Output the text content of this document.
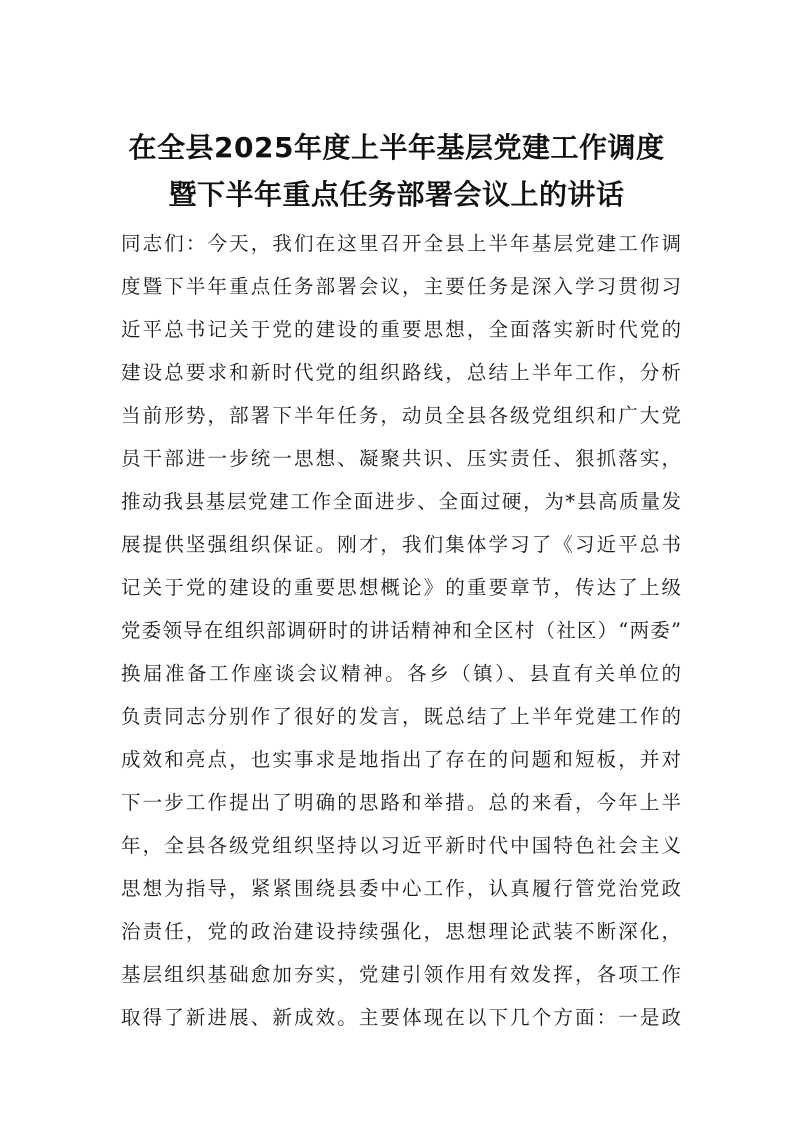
在全县2025年度上半年基层党建工作调度
暨下半年重点任务部署会议上的讲话
同志们：今天，我们在这里召开全县上半年基层党建工作调
度暨下半年重点任务部署会议，主要任务是深入学习贯彻习
近平总书记关于党的建设的重要思想，全面落实新时代党的
建设总要求和新时代党的组织路线，总结上半年工作，分析
当前形势，部署下半年任务，动员全县各级党组织和广大党
员干部进一步统一思想、凝聚共识、压实责任、狠抓落实，
推动我县基层党建工作全面进步、全面过硬，为*县高质量发
展提供坚强组织保证。刚才，我们集体学习了《习近平总书
记关于党的建设的重要思想概论》的重要章节，传达了上级
党委领导在组织部调研时的讲话精神和全区村（社区）“两委”
换届准备工作座谈会议精神。各乡（镇）、县直有关单位的
负责同志分别作了很好的发言，既总结了上半年党建工作的
成效和亮点，也实事求是地指出了存在的问题和短板，并对
下一步工作提出了明确的思路和举措。总的来看，今年上半
年，全县各级党组织坚持以习近平新时代中国特色社会主义
思想为指导，紧紧围绕县委中心工作，认真履行管党治党政
治责任，党的政治建设持续强化，思想理论武装不断深化，
基层组织基础愈加夯实，党建引领作用有效发挥，各项工作
取得了新进展、新成效。主要体现在以下几个方面：一是政
